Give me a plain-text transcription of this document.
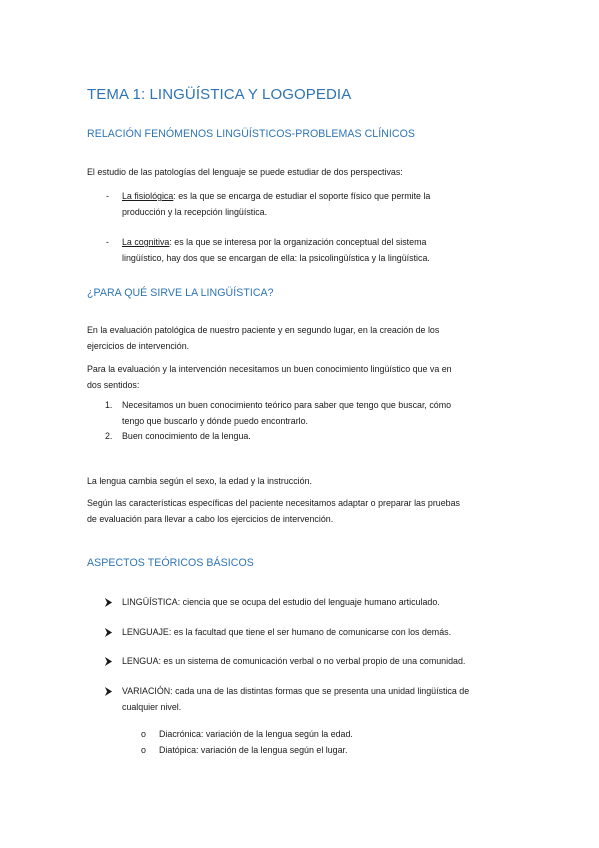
TEMA 1: LINGÜÍSTICA Y LOGOPEDIA
RELACIÓN FENÓMENOS LINGÜÍSTICOS-PROBLEMAS CLÍNICOS
El estudio de las patologías del lenguaje se puede estudiar de dos perspectivas:
- La fisiológica: es la que se encarga de estudiar el soporte físico que permite la
producción y la recepción lingüística.
- La cognitiva: es la que se interesa por la organización conceptual del sistema
lingüístico, hay dos que se encargan de ella: la psicolingüística y la lingüística.
¿PARA QUÉ SIRVE LA LINGÜÍSTICA?
En la evaluación patológica de nuestro paciente y en segundo lugar, en la creación de los
ejercicios de intervención.
Para la evaluación y la intervención necesitamos un buen conocimiento lingüístico que va en
dos sentidos:
1. Necesitamos un buen conocimiento teórico para saber que tengo que buscar, cómo
tengo que buscarlo y dónde puedo encontrarlo.
2. Buen conocimiento de la lengua.
La lengua cambia según el sexo, la edad y la instrucción.
Según las características específicas del paciente necesitamos adaptar o preparar las pruebas
de evaluación para llevar a cabo los ejercicios de intervención.
ASPECTOS TEÓRICOS BÁSICOS
LINGÜÍSTICA: ciencia que se ocupa del estudio del lenguaje humano articulado.
LENGUAJE: es la facultad que tiene el ser humano de comunicarse con los demás.
LENGUA: es un sistema de comunicación verbal o no verbal propio de una comunidad.
VARIACIÓN: cada una de las distintas formas que se presenta una unidad lingüística de
cualquier nivel.
o Diacrónica: variación de la lengua según la edad.
o Diatópica: variación de la lengua según el lugar.
